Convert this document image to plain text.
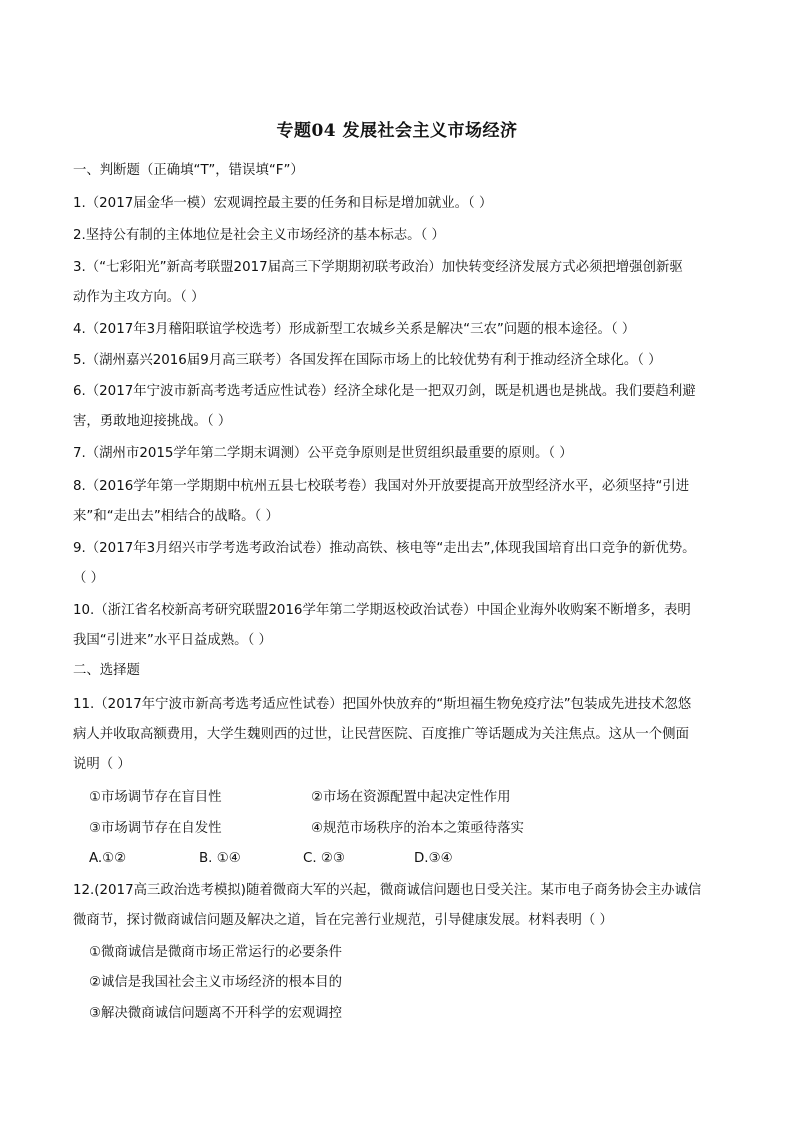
专题04 发展社会主义市场经济
一、判断题（正确填“T”，错误填“F”）
1.（2017届金华一模）宏观调控最主要的任务和目标是增加就业。（ ）
2.坚持公有制的主体地位是社会主义市场经济的基本标志。（ ）
3.（“七彩阳光”新高考联盟2017届高三下学期期初联考政治）加快转变经济发展方式必须把增强创新驱
动作为主攻方向。（ ）
4.（2017年3月稽阳联谊学校选考）形成新型工农城乡关系是解决“三农”问题的根本途径。（ ）
5.（湖州嘉兴2016届9月高三联考）各国发挥在国际市场上的比较优势有利于推动经济全球化。（ ）
6.（2017年宁波市新高考选考适应性试卷）经济全球化是一把双刃剑，既是机遇也是挑战。我们要趋利避
害，勇敢地迎接挑战。（ ）
7.（湖州市2015学年第二学期末调测）公平竞争原则是世贸组织最重要的原则。（ ）
8.（2016学年第一学期期中杭州五县七校联考卷）我国对外开放要提高开放型经济水平，必须坚持“引进
来”和“走出去”相结合的战略。（ ）
9.（2017年3月绍兴市学考选考政治试卷）推动高铁、核电等“走出去”,体现我国培育出口竞争的新优势。
（ ）
10.（浙江省名校新高考研究联盟2016学年第二学期返校政治试卷）中国企业海外收购案不断增多，表明
我国“引进来”水平日益成熟。（ ）
二、选择题
11.（2017年宁波市新高考选考适应性试卷）把国外快放弃的“斯坦福生物免疫疗法”包装成先进技术忽悠
病人并收取高额费用，大学生魏则西的过世，让民营医院、百度推广等话题成为关注焦点。这从一个侧面
说明（ ）
①市场调节存在盲目性	②市场在资源配置中起决定性作用
③市场调节存在自发性	④规范市场秩序的治本之策亟待落实
A.①②	B. ①④	C. ②③	D.③④
12.(2017高三政治选考模拟)随着微商大军的兴起，微商诚信问题也日受关注。某市电子商务协会主办诚信
微商节，探讨微商诚信问题及解决之道，旨在完善行业规范，引导健康发展。材料表明（ ）
①微商诚信是微商市场正常运行的必要条件
②诚信是我国社会主义市场经济的根本目的
③解决微商诚信问题离不开科学的宏观调控
